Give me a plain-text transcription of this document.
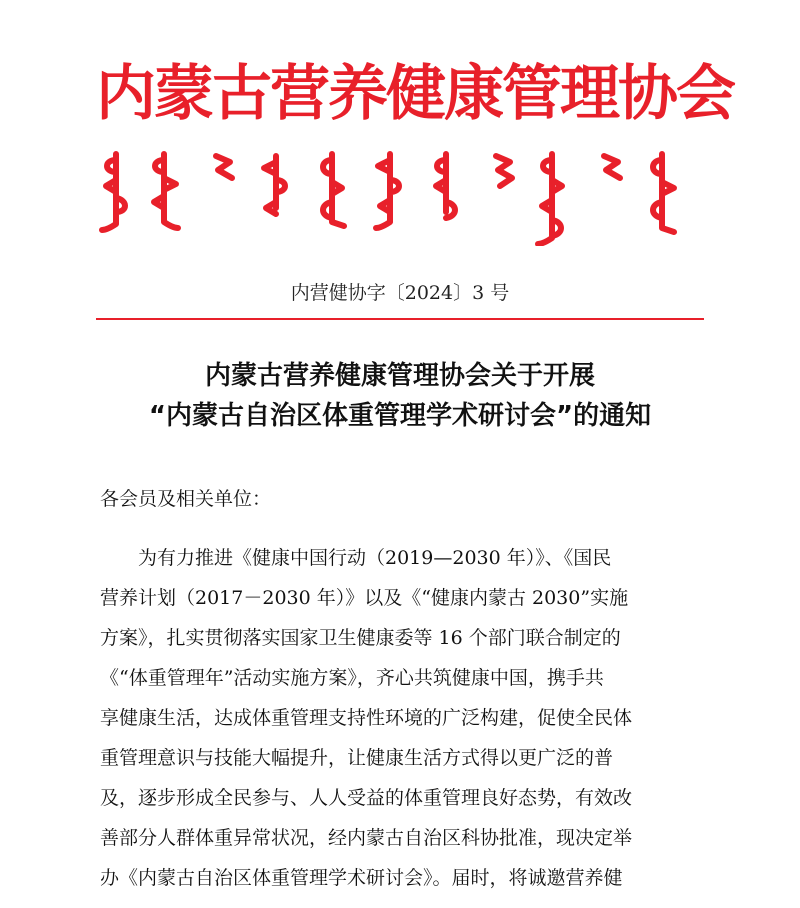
内蒙古营养健康管理协会

内营健协字〔2024〕3 号

内蒙古营养健康管理协会关于开展
“内蒙古自治区体重管理学术研讨会”的通知

各会员及相关单位：

　　为有力推进《健康中国行动（2019—2030 年）》、《国民
营养计划（2017－2030 年）》以及《“健康内蒙古 2030”实施
方案》，扎实贯彻落实国家卫生健康委等 16 个部门联合制定的
《“体重管理年”活动实施方案》，齐心共筑健康中国，携手共
享健康生活，达成体重管理支持性环境的广泛构建，促使全民体
重管理意识与技能大幅提升，让健康生活方式得以更广泛的普
及，逐步形成全民参与、人人受益的体重管理良好态势，有效改
善部分人群体重异常状况，经内蒙古自治区科协批准，现决定举
办《内蒙古自治区体重管理学术研讨会》。届时，将诚邀营养健
